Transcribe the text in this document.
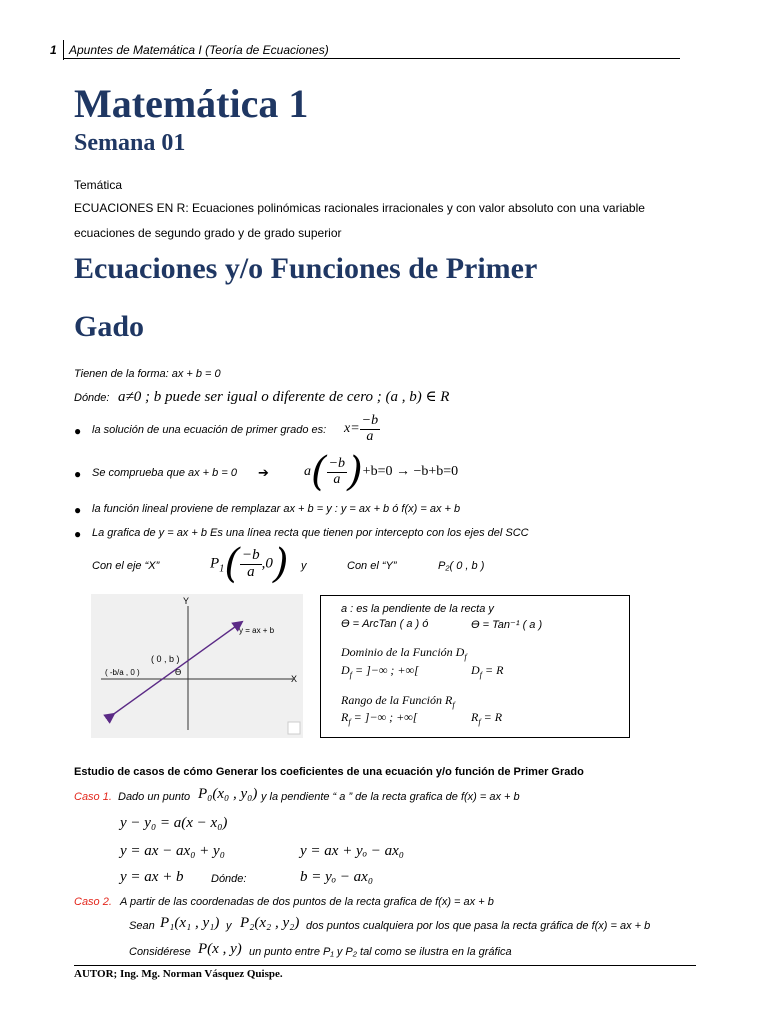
1 Apuntes de Matemática I (Teoría de Ecuaciones)
Matemática 1
Semana 01
Temática
ECUACIONES EN R: Ecuaciones polinómicas racionales irracionales y con valor absoluto con una variable
ecuaciones de segundo grado y de grado superior
Ecuaciones y/o Funciones de Primer
Gado
Tienen de la forma: ax + b = 0
Dónde: a≠0 ; b puede ser igual o diferente de cero ; (a , b) ∈ R
● la solución de una ecuación de primer grado es: $x= \frac{-b}{a}$
● Se comprueba que ax + b = 0 ➔	$a( \frac{-b}{a} )+b=0 \to -b+b=0$
● la función lineal proviene de remplazar ax + b = y : y = ax + b ó f(x) = ax + b
● La grafica de y = ax + b Es una línea recta que tienen por intercepto con los ejes del SCC
Con el eje “X”	$P_1( \frac{-b}{a} ,0)$ y	Con el “Y”	P₂( 0 , b )
Y
X
y = ax + b
( 0 , b )
( -b/a , 0 )	ϴ
a : es la pendiente de la recta y
ϴ = ArcTan ( a ) ó	ϴ = Tan⁻¹ ( a )
Dominio de la Función $D_f$
$D_f$ = ]−∞ ; +∞[	$D_f = R$
Rango de la Función $R_f$
$R_f$ = ]−∞ ; +∞[	$R_f = R$
Estudio de casos de cómo Generar los coeficientes de una ecuación y/o función de Primer Grado
Caso 1. Dado un punto P₀(x₀ , y₀) y la pendiente “ a ” de la recta grafica de f(x) = ax + b
y − y₀ = a(x − x₀)
y = ax − ax₀ + y₀	y = ax + yₒ − ax₀
y = ax + b Dónde:	b = yₒ − ax₀
Caso 2. A partir de las coordenadas de dos puntos de la recta grafica de f(x) = ax + b
Sean P₁(x₁ , y₁) y P₂(x₂ , y₂) dos puntos cualquiera por los que pasa la recta gráfica de f(x) = ax + b
Considérese P(x , y) un punto entre P₁ y P₂ tal como se ilustra en la gráfica
AUTOR; Ing. Mg. Norman Vásquez Quispe.
